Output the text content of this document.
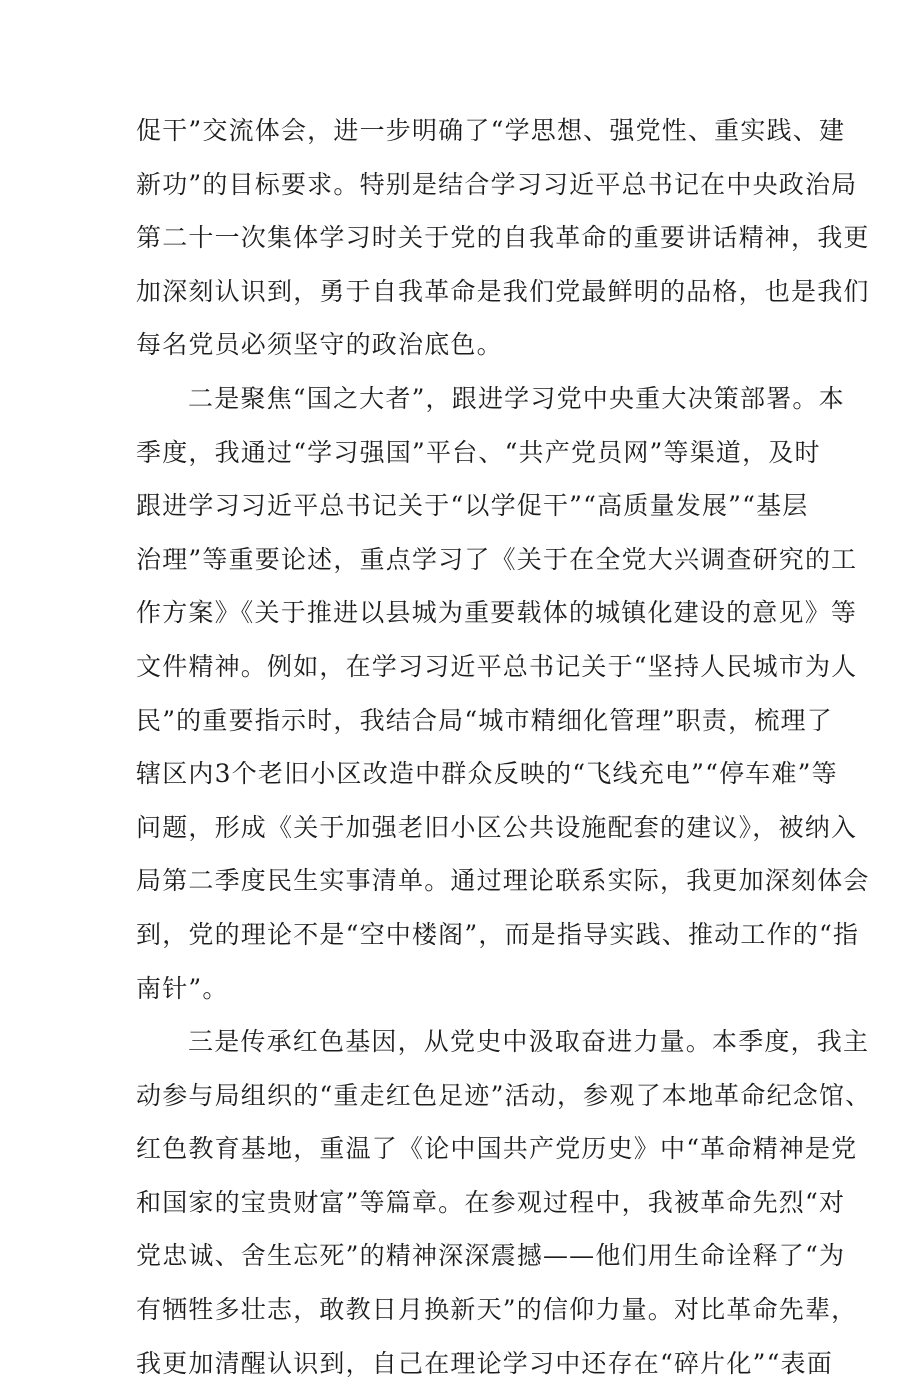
促干”交流体会，进一步明确了“学思想、强党性、重实践、建
新功”的目标要求。特别是结合学习习近平总书记在中央政治局
第二十一次集体学习时关于党的自我革命的重要讲话精神，我更
加深刻认识到，勇于自我革命是我们党最鲜明的品格，也是我们
每名党员必须坚守的政治底色。
二是聚焦“国之大者”，跟进学习党中央重大决策部署。本
季度，我通过“学习强国”平台、“共产党员网”等渠道，及时
跟进学习习近平总书记关于“以学促干”“高质量发展”“基层
治理”等重要论述，重点学习了《关于在全党大兴调查研究的工
作方案》《关于推进以县城为重要载体的城镇化建设的意见》等
文件精神。例如，在学习习近平总书记关于“坚持人民城市为人
民”的重要指示时，我结合局“城市精细化管理”职责，梳理了
辖区内3个老旧小区改造中群众反映的“飞线充电”“停车难”等
问题，形成《关于加强老旧小区公共设施配套的建议》，被纳入
局第二季度民生实事清单。通过理论联系实际，我更加深刻体会
到，党的理论不是“空中楼阁”，而是指导实践、推动工作的“指
南针”。
三是传承红色基因，从党史中汲取奋进力量。本季度，我主
动参与局组织的“重走红色足迹”活动，参观了本地革命纪念馆、
红色教育基地，重温了《论中国共产党历史》中“革命精神是党
和国家的宝贵财富”等篇章。在参观过程中，我被革命先烈“对
党忠诚、舍生忘死”的精神深深震撼——他们用生命诠释了“为
有牺牲多壮志，敢教日月换新天”的信仰力量。对比革命先辈，
我更加清醒认识到，自己在理论学习中还存在“碎片化”“表面
